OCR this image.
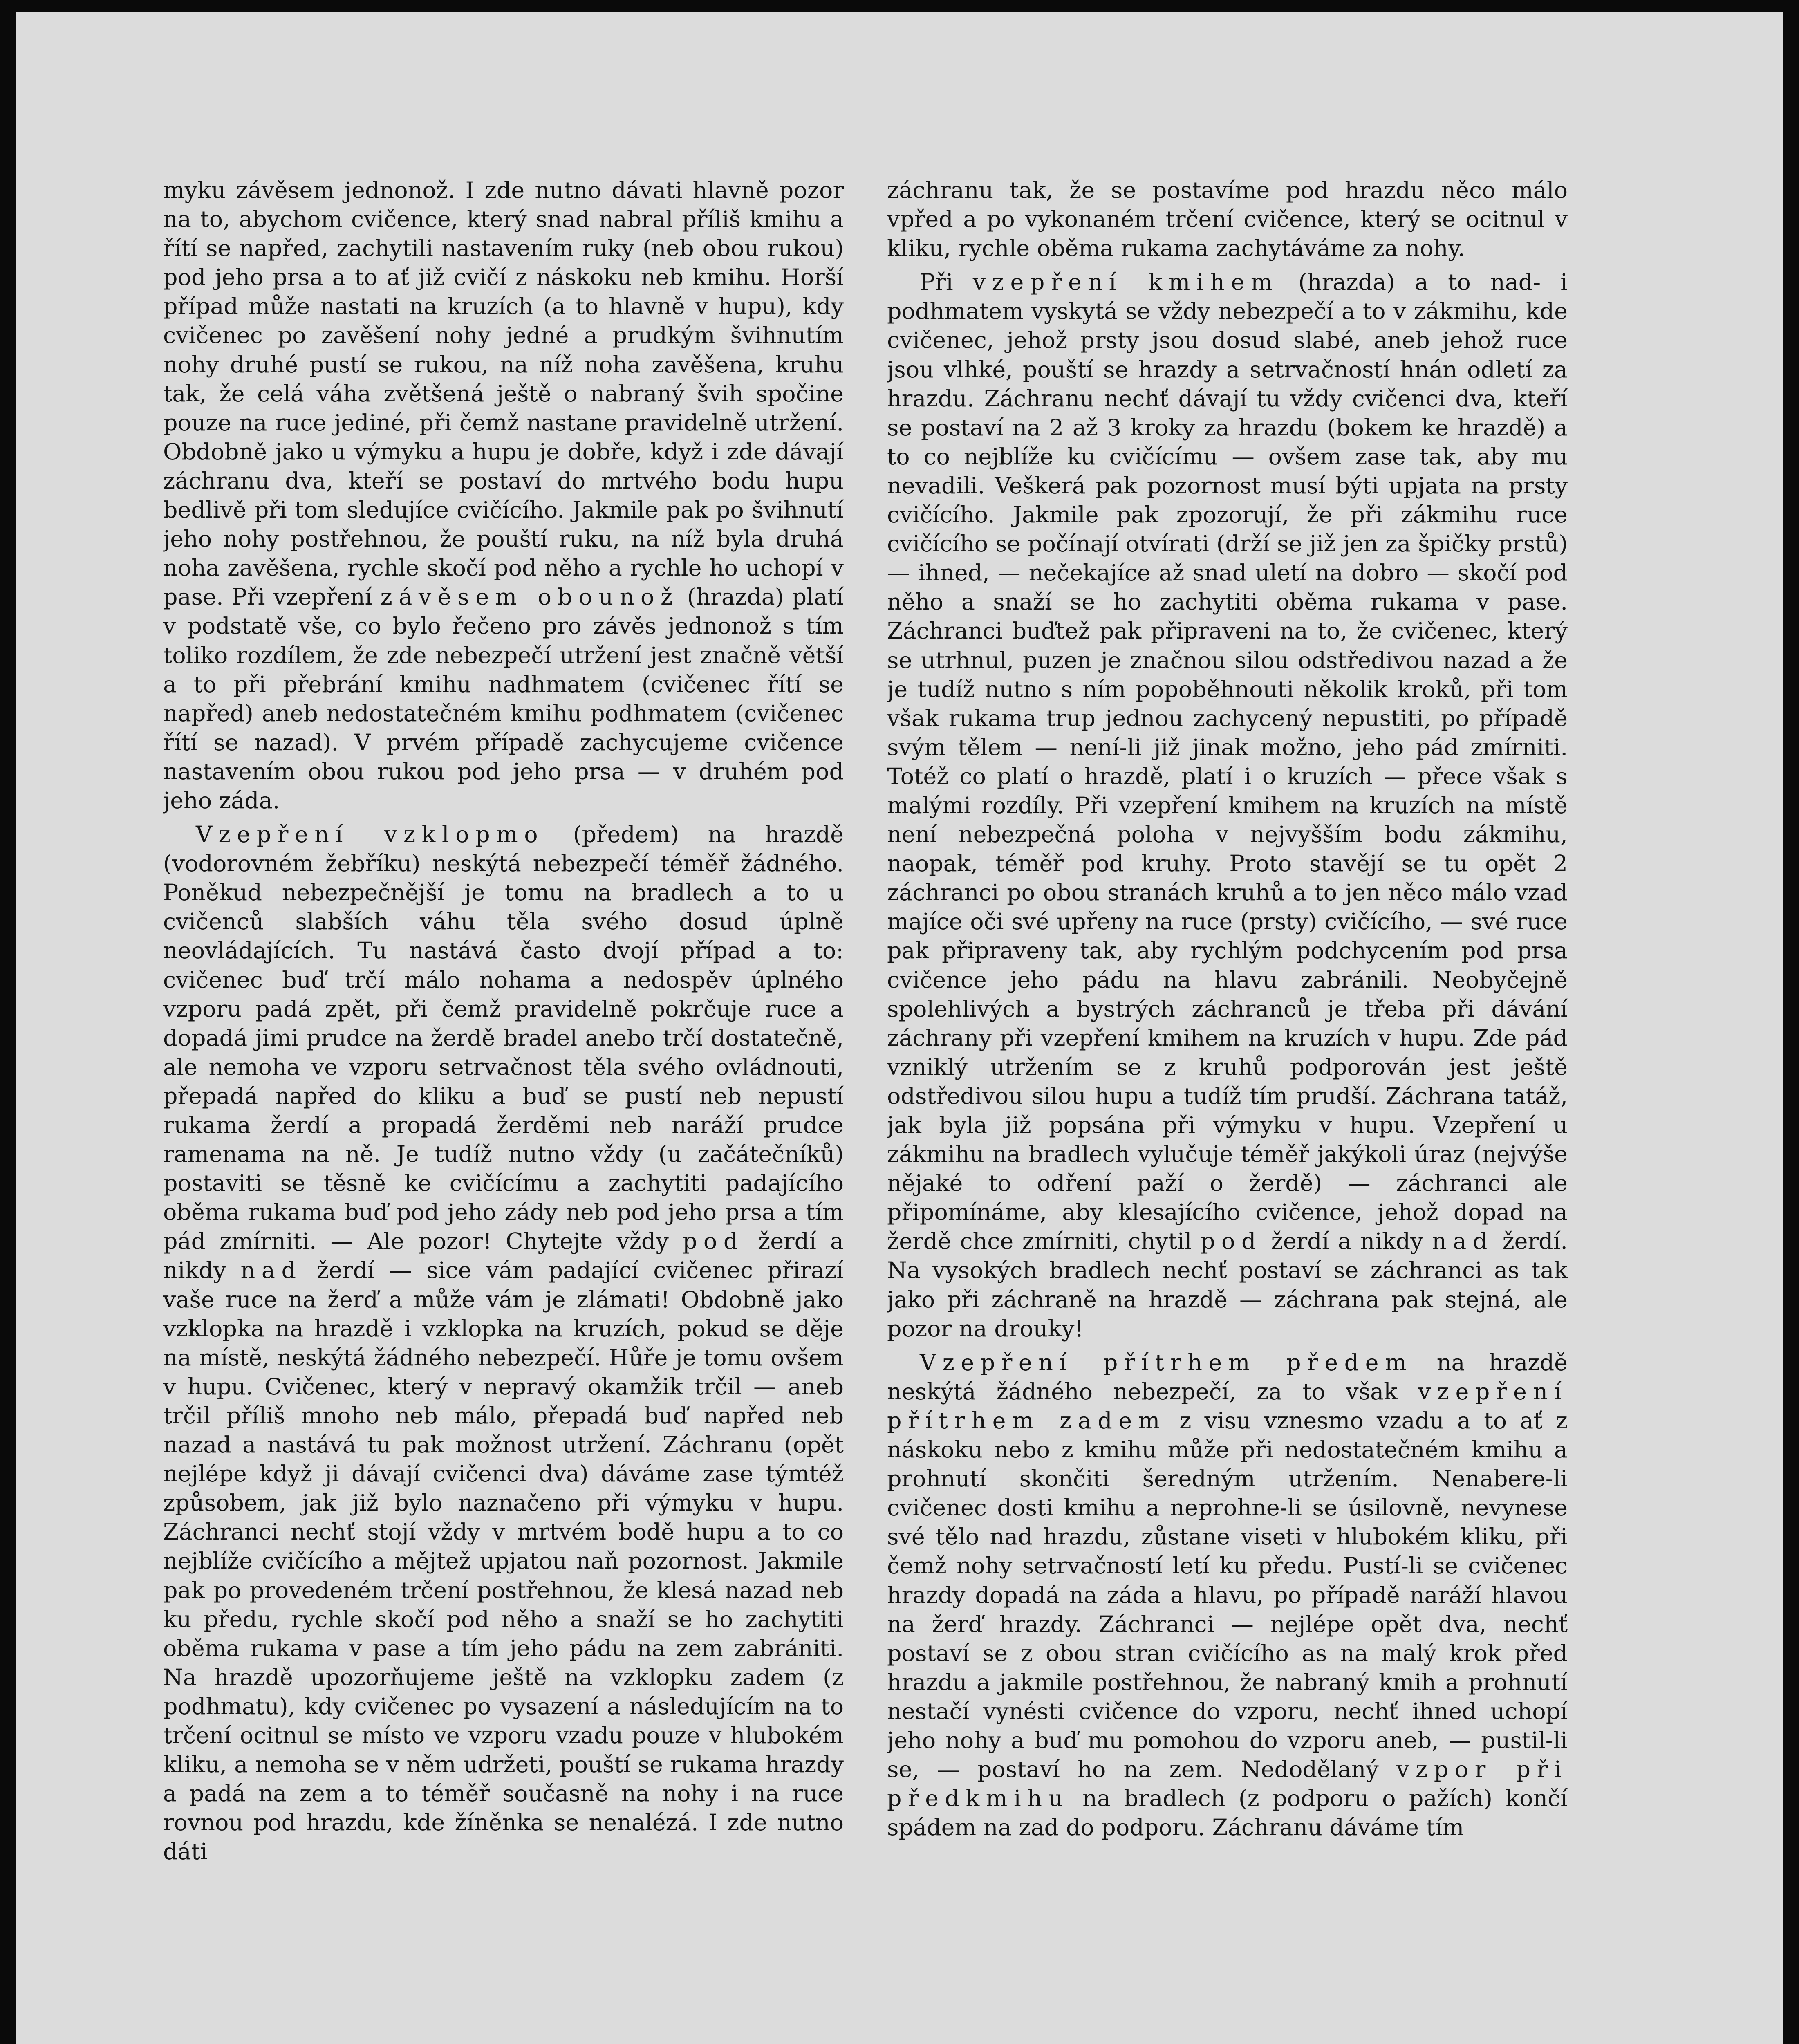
myku závěsem jednonož. I zde nutno dávati hlavně pozor na to, abychom cvičence, který snad nabral příliš kmihu a řítí se napřed, zachytili nastavením ruky (neb obou rukou) pod jeho prsa a to ať již cvičí z náskoku neb kmihu. Horší případ může nastati na kruzích (a to hlavně v hupu), kdy cvičenec po zavěšení nohy jedné a prudkým švihnutím nohy druhé pustí se rukou, na níž noha zavěšena, kruhu tak, že celá váha zvětšená ještě o nabraný švih spočine pouze na ruce jediné, při čemž nastane pravidelně utržení. Obdobně jako u výmyku a hupu je dobře, když i zde dávají záchranu dva, kteří se postaví do mrtvého bodu hupu bedlivě při tom sledujíce cvičícího. Jakmile pak po švihnutí jeho nohy postřehnou, že pouští ruku, na níž byla druhá noha zavěšena, rychle skočí pod něho a rychle ho uchopí v pase. Při vzepření závěsem obounož (hrazda) platí v podstatě vše, co bylo řečeno pro závěs jednonož s tím toliko rozdílem, že zde nebezpečí utržení jest značně větší a to při přebrání kmihu nadhmatem (cvičenec řítí se napřed) aneb nedostatečném kmihu podhmatem (cvičenec řítí se nazad). V prvém případě zachycujeme cvičence nastavením obou rukou pod jeho prsa — v druhém pod jeho záda.

Vzepření vzklopmo (předem) na hrazdě (vodorovném žebříku) neskýtá nebezpečí téměř žádného. Poněkud nebezpečnější je tomu na bradlech a to u cvičenců slabších váhu těla svého dosud úplně neovládajících. Tu nastává často dvojí případ a to: cvičenec buď trčí málo nohama a nedospěv úplného vzporu padá zpět, při čemž pravidelně pokrčuje ruce a dopadá jimi prudce na žerdě bradel anebo trčí dostatečně, ale nemoha ve vzporu setrvačnost těla svého ovládnouti, přepadá napřed do kliku a buď se pustí neb nepustí rukama žerdí a propadá žerděmi neb naráží prudce ramenama na ně. Je tudíž nutno vždy (u začátečníků) postaviti se těsně ke cvičícímu a zachytiti padajícího oběma rukama buď pod jeho zády neb pod jeho prsa a tím pád zmírniti. — Ale pozor! Chytejte vždy pod žerdí a nikdy nad žerdí — sice vám padající cvičenec přirazí vaše ruce na žerď a může vám je zlámati! Obdobně jako vzklopka na hrazdě i vzklopka na kruzích, pokud se děje na místě, neskýtá žádného nebezpečí. Hůře je tomu ovšem v hupu. Cvičenec, který v nepravý okamžik trčil — aneb trčil příliš mnoho neb málo, přepadá buď napřed neb nazad a nastává tu pak možnost utržení. Záchranu (opět nejlépe když ji dávají cvičenci dva) dáváme zase týmtéž způsobem, jak již bylo naznačeno při výmyku v hupu. Záchranci nechť stojí vždy v mrtvém bodě hupu a to co nejblíže cvičícího a mějtež upjatou naň pozornost. Jakmile pak po provedeném trčení postřehnou, že klesá nazad neb ku předu, rychle skočí pod něho a snaží se ho zachytiti oběma rukama v pase a tím jeho pádu na zem zabrániti. Na hrazdě upozorňujeme ještě na vzklopku zadem (z podhmatu), kdy cvičenec po vysazení a následujícím na to trčení ocitnul se místo ve vzporu vzadu pouze v hlubokém kliku, a nemoha se v něm udržeti, pouští se rukama hrazdy a padá na zem a to téměř současně na nohy i na ruce rovnou pod hrazdu, kde žíněnka se nenalézá. I zde nutno dáti

záchranu tak, že se postavíme pod hrazdu něco málo vpřed a po vykonaném trčení cvičence, který se ocitnul v kliku, rychle oběma rukama zachytáváme za nohy.

Při vzepření kmihem (hrazda) a to nad- i podhmatem vyskytá se vždy nebezpečí a to v zákmihu, kde cvičenec, jehož prsty jsou dosud slabé, aneb jehož ruce jsou vlhké, pouští se hrazdy a setrvačností hnán odletí za hrazdu. Záchranu nechť dávají tu vždy cvičenci dva, kteří se postaví na 2 až 3 kroky za hrazdu (bokem ke hrazdě) a to co nejblíže ku cvičícímu — ovšem zase tak, aby mu nevadili. Veškerá pak pozornost musí býti upjata na prsty cvičícího. Jakmile pak zpozorují, že při zákmihu ruce cvičícího se počínají otvírati (drží se již jen za špičky prstů) — ihned, — nečekajíce až snad uletí na dobro — skočí pod něho a snaží se ho zachytiti oběma rukama v pase. Záchranci buďtež pak připraveni na to, že cvičenec, který se utrhnul, puzen je značnou silou odstředivou nazad a že je tudíž nutno s ním popoběhnouti několik kroků, při tom však rukama trup jednou zachycený nepustiti, po případě svým tělem — není-li již jinak možno, jeho pád zmírniti. Totéž co platí o hrazdě, platí i o kruzích — přece však s malými rozdíly. Při vzepření kmihem na kruzích na místě není nebezpečná poloha v nejvyšším bodu zákmihu, naopak, téměř pod kruhy. Proto stavějí se tu opět 2 záchranci po obou stranách kruhů a to jen něco málo vzad majíce oči své upřeny na ruce (prsty) cvičícího, — své ruce pak připraveny tak, aby rychlým podchycením pod prsa cvičence jeho pádu na hlavu zabránili. Neobyčejně spolehlivých a bystrých záchranců je třeba při dávání záchrany při vzepření kmihem na kruzích v hupu. Zde pád vzniklý utržením se z kruhů podporován jest ještě odstředivou silou hupu a tudíž tím prudší. Záchrana tatáž, jak byla již popsána při výmyku v hupu. Vzepření u zákmihu na bradlech vylučuje téměř jakýkoli úraz (nejvýše nějaké to odření paží o žerdě) — záchranci ale připomínáme, aby klesajícího cvičence, jehož dopad na žerdě chce zmírniti, chytil pod žerdí a nikdy nad žerdí. Na vysokých bradlech nechť postaví se záchranci as tak jako při záchraně na hrazdě — záchrana pak stejná, ale pozor na drouky!

Vzepření přítrhem předem na hrazdě neskýtá žádného nebezpečí, za to však vzepření přítrhem zadem z visu vznesmo vzadu a to ať z náskoku nebo z kmihu může při nedostatečném kmihu a prohnutí skončiti šeredným utržením. Nenabere-li cvičenec dosti kmihu a neprohne-li se úsilovně, nevynese své tělo nad hrazdu, zůstane viseti v hlubokém kliku, při čemž nohy setrvačností letí ku předu. Pustí-li se cvičenec hrazdy dopadá na záda a hlavu, po případě naráží hlavou na žerď hrazdy. Záchranci — nejlépe opět dva, nechť postaví se z obou stran cvičícího as na malý krok před hrazdu a jakmile postřehnou, že nabraný kmih a prohnutí nestačí vynésti cvičence do vzporu, nechť ihned uchopí jeho nohy a buď mu pomohou do vzporu aneb, — pustil-li se, — postaví ho na zem. Nedodělaný vzpor při předkmihu na bradlech (z podporu o pažích) končí spádem na zad do podporu. Záchranu dáváme tím
